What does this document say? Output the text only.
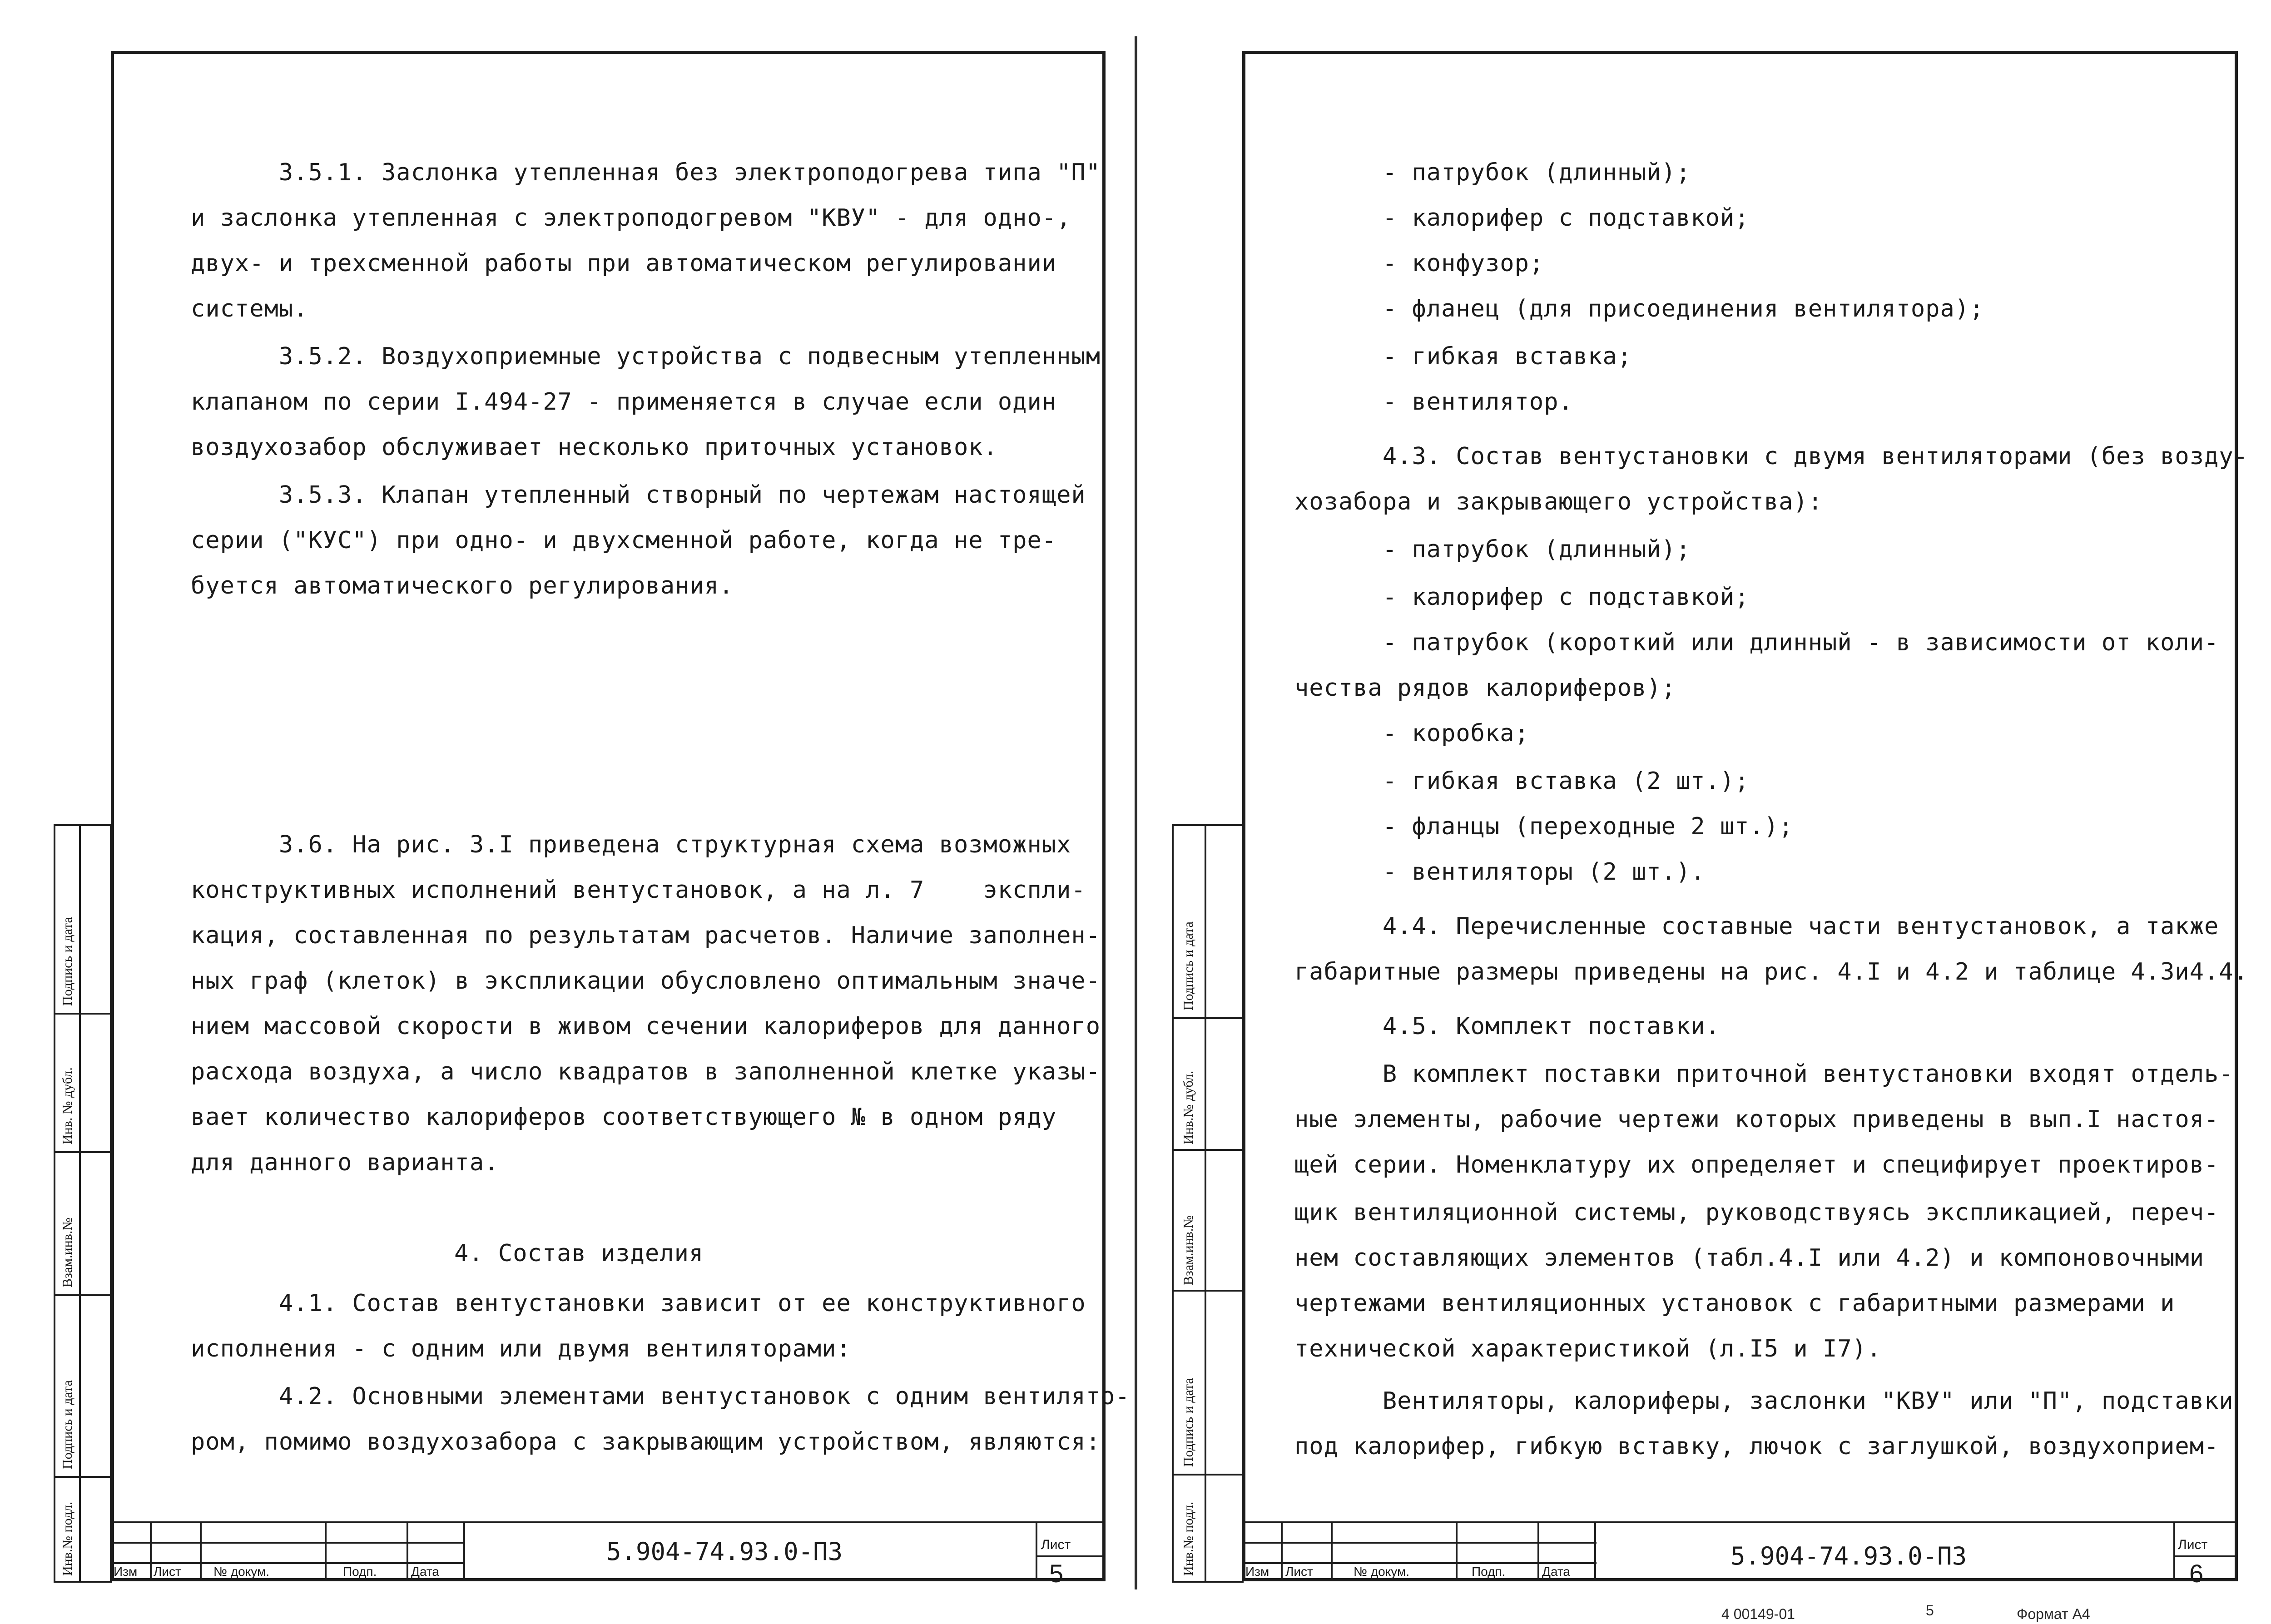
3.5.1. Заслонка утепленная без электроподогрева типа "П"
и заслонка утепленная с электроподогревом "КВУ" - для одно-,
двух- и трехсменной работы при автоматическом регулировании
системы.
3.5.2. Воздухоприемные устройства с подвесным утепленным
клапаном по серии I.494-27 - применяется в случае если один
воздухозабор обслуживает несколько приточных установок.
3.5.3. Клапан утепленный створный по чертежам настоящей
серии ("КУС") при одно- и двухсменной работе, когда не тре-
буется автоматического регулирования.
3.6. На рис. 3.I приведена структурная схема возможных
конструктивных исполнений вентустановок, а на л. 7    экспли-
кация, составленная по результатам расчетов. Наличие заполнен-
ных граф (клеток) в экспликации обусловлено оптимальным значе-
нием массовой скорости в живом сечении калориферов для данного
расхода воздуха, а число квадратов в заполненной клетке указы-
вает количество калориферов соответствующего № в одном ряду
для данного варианта.
4. Состав изделия
4.1. Состав вентустановки зависит от ее конструктивного
исполнения - с одним или двумя вентиляторами:
4.2. Основными элементами вентустановок с одним вентилято-
ром, помимо воздухозабора с закрывающим устройством, являются:
Подпись и дата
Инв. № дубл.
Взам.инв.№
Подпись и дата
Инв.№ подл.	Изм Лист	№ докум.	Подп.	Дата
5.904-74.93.0-ПЗ	Лист
5
- патрубок (длинный);
- калорифер с подставкой;
- конфузор;
- фланец (для присоединения вентилятора);
- гибкая вставка;
- вентилятор.
4.3. Состав вентустановки с двумя вентиляторами (без возду-
хозабора и закрывающего устройства):
- патрубок (длинный);
- калорифер с подставкой;
- патрубок (короткий или длинный - в зависимости от коли-
чества рядов калориферов);
- коробка;
- гибкая вставка (2 шт.);
- фланцы (переходные 2 шт.);
- вентиляторы (2 шт.).
4.4. Перечисленные составные части вентустановок, а также
габаритные размеры приведены на рис. 4.I и 4.2 и таблице 4.3и4.4.
4.5. Комплект поставки.
В комплект поставки приточной вентустановки входят отдель-
ные элементы, рабочие чертежи которых приведены в вып.I настоя-
щей серии. Номенклатуру их определяет и специфирует проектиров-
щик вентиляционной системы, руководствуясь экспликацией, переч-
нем составляющих элементов (табл.4.I или 4.2) и компоновочными
чертежами вентиляционных установок с габаритными размерами и
технической характеристикой (л.I5 и I7).
Вентиляторы, калориферы, заслонки "КВУ" или "П", подставки
под калорифер, гибкую вставку, лючок с заглушкой, воздухоприем-
Подпись и дата
Инв.№ дубл.
Взам.инв.№
Подпись и дата
Инв.№ подл.	Изм Лист	№ докум.	Подп.	Дата
5.904-74.93.0-ПЗ	Лист
6
4 00149-01	5	Формат А4
